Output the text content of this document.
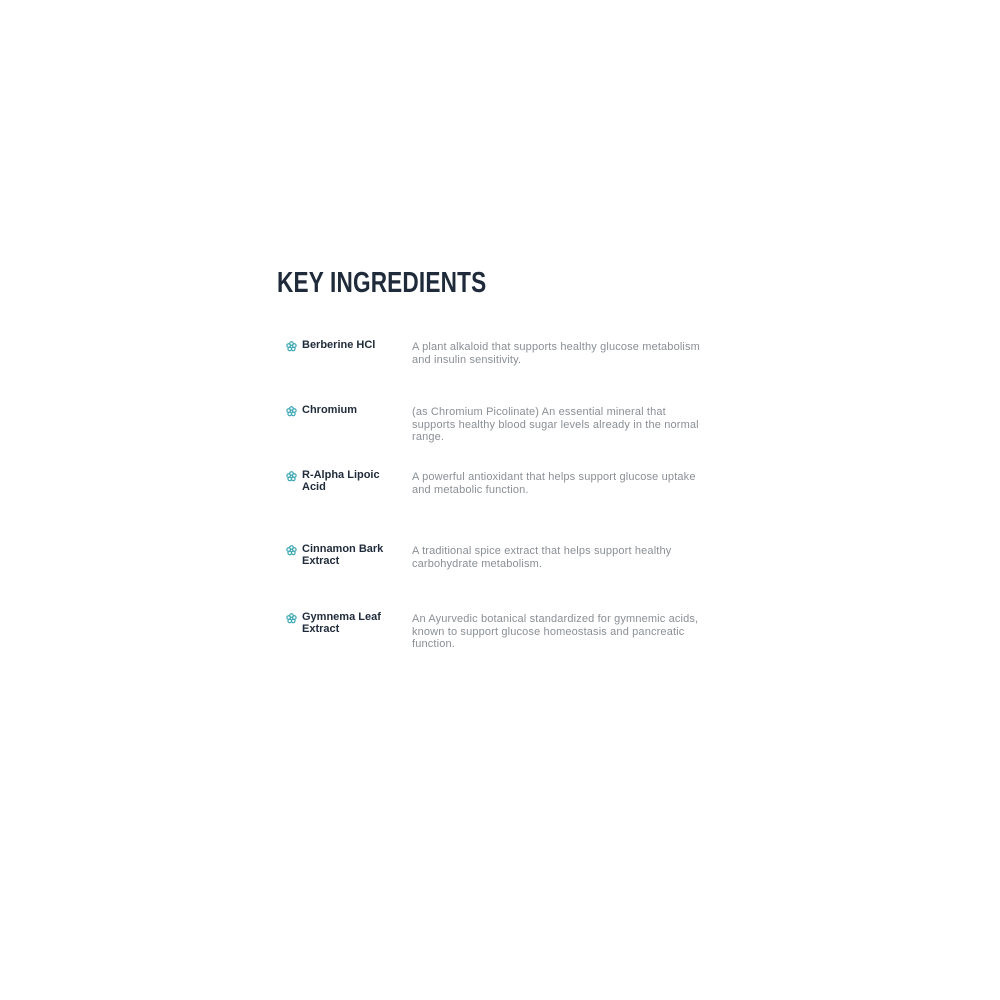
KEY INGREDIENTS
Berberine HCl	A plant alkaloid that supports healthy glucose metabolism and insulin sensitivity.
Chromium	(as Chromium Picolinate) An essential mineral that supports healthy blood sugar levels already in the normal range.
R-Alpha Lipoic Acid
A powerful antioxidant that helps support glucose uptake and metabolic function.
Cinnamon Bark Extract
A traditional spice extract that helps support healthy carbohydrate metabolism.
Gymnema Leaf Extract
An Ayurvedic botanical standardized for gymnemic acids, known to support glucose homeostasis and pancreatic function.
